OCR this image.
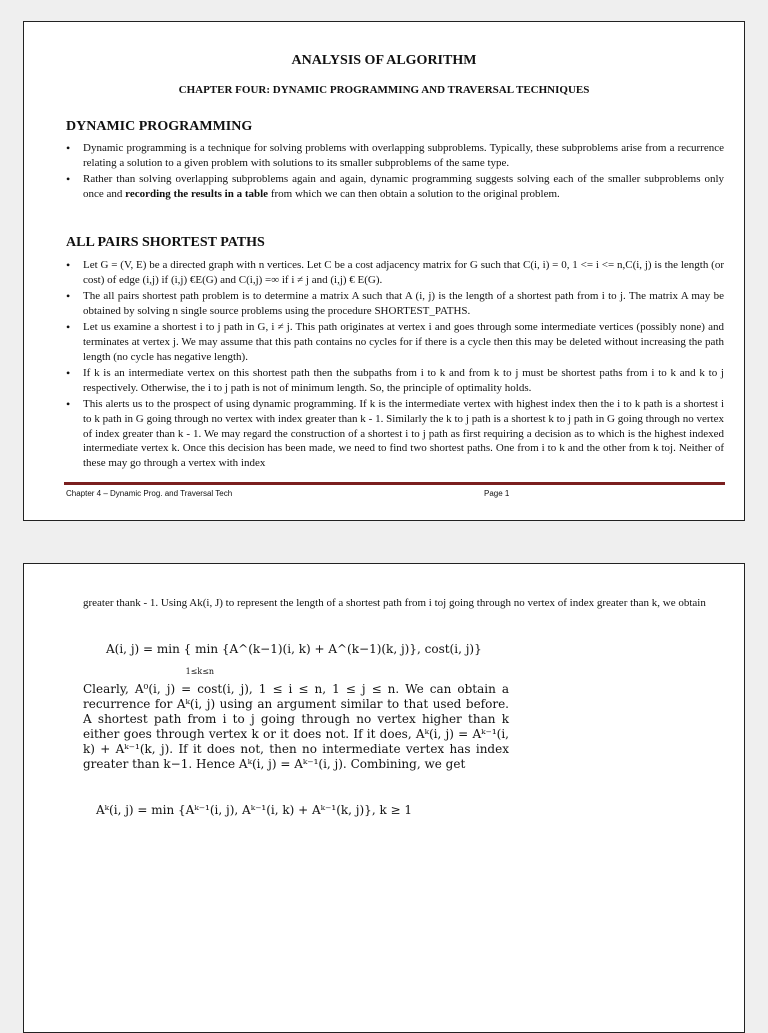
ANALYSIS OF ALGORITHM
CHAPTER FOUR: DYNAMIC PROGRAMMING AND TRAVERSAL TECHNIQUES
DYNAMIC PROGRAMMING
• Dynamic programming is a technique for solving problems with overlapping subproblems. Typically, these subproblems arise from a recurrence relating a solution to a given problem with solutions to its smaller subproblems of the same type.
• Rather than solving overlapping subproblems again and again, dynamic programming suggests solving each of the smaller subproblems only once and recording the results in a table from which we can then obtain a solution to the original problem.
ALL PAIRS SHORTEST PATHS
• Let G = (V, E) be a directed graph with n vertices. Let C be a cost adjacency matrix for G such that C(i, i) = 0, 1 <= i <= n,C(i, j) is the length (or cost) of edge (i,j) if (i,j) €E(G) and C(i,j) =∞ if i ≠ j and (i,j) € E(G).
• The all pairs shortest path problem is to determine a matrix A such that A (i, j) is the length of a shortest path from i to j. The matrix A may be obtained by solving n single source problems using the procedure SHORTEST_PATHS.
• Let us examine a shortest i to j path in G, i ≠ j. This path originates at vertex i and goes through some intermediate vertices (possibly none) and terminates at vertex j. We may assume that this path contains no cycles for if there is a cycle then this may be deleted without increasing the path length (no cycle has negative length).
• If k is an intermediate vertex on this shortest path then the subpaths from i to k and from k to j must be shortest paths from i to k and k to j respectively. Otherwise, the i to j path is not of minimum length. So, the principle of optimality holds.
• This alerts us to the prospect of using dynamic programming. If k is the intermediate vertex with highest index then the i to k path is a shortest i to k path in G going through no vertex with index greater than k - 1. Similarly the k to j path is a shortest k to j path in G going through no vertex of index greater than k - 1. We may regard the construction of a shortest i to j path as first requiring a decision as to which is the highest indexed intermediate vertex k. Once this decision has been made, we need to find two shortest paths. One from i to k and the other from k toj. Neither of these may go through a vertex with index
Chapter 4 – Dynamic Prog. and Traversal Tech	Page 1
greater thank - 1. Using Ak(i, J) to represent the length of a shortest path from i toj going through no vertex of index greater than k, we obtain
A(i, j) = min { min {A^(k−1)(i, k) + A^(k−1)(k, j)}, cost(i, j)}
1≤k≤n
Clearly, A⁰(i, j) = cost(i, j), 1 ≤ i ≤ n, 1 ≤ j ≤ n. We can obtain a recurrence for Aᵏ(i, j) using an argument similar to that used before. A shortest path from i to j going through no vertex higher than k either goes through vertex k or it does not. If it does, Aᵏ(i, j) = Aᵏ⁻¹(i, k) + Aᵏ⁻¹(k, j). If it does not, then no intermediate vertex has index greater than k−1. Hence Aᵏ(i, j) = Aᵏ⁻¹(i, j). Combining, we get
Aᵏ(i, j) = min {Aᵏ⁻¹(i, j), Aᵏ⁻¹(i, k) + Aᵏ⁻¹(k, j)}, k ≥ 1
